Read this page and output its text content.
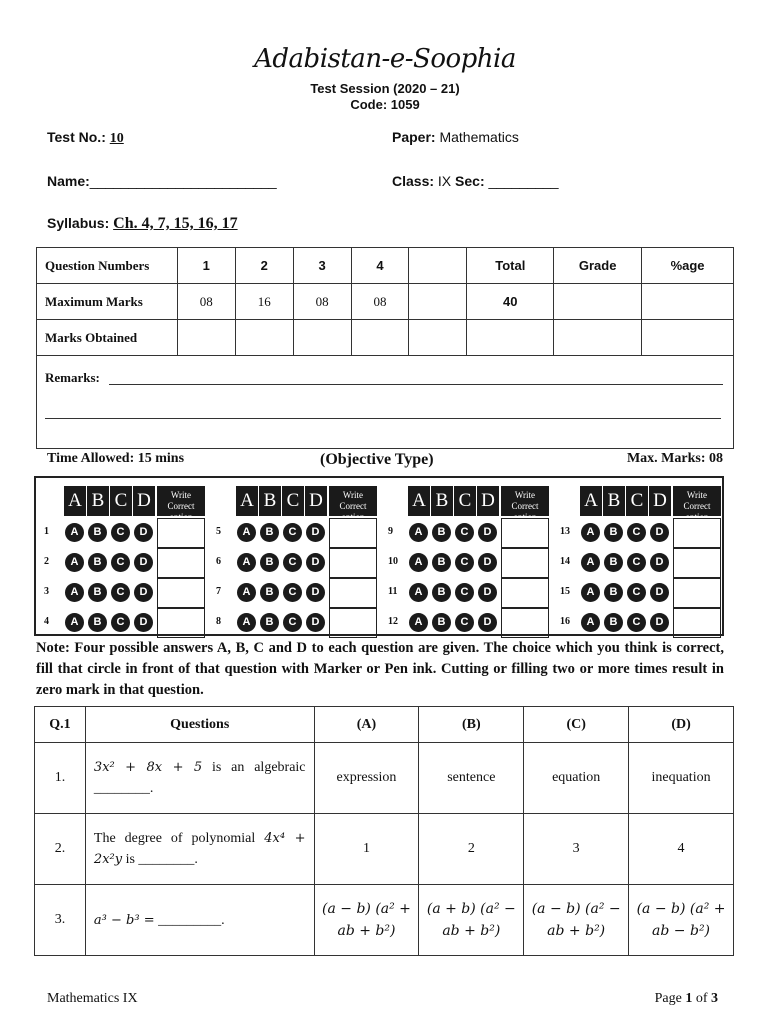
Adabistan-e-Soophia
Test Session (2020 – 21)
Code: 1059
Test No.: 10	Paper: Mathematics
Name:________________________	Class: IX Sec: _________
Syllabus: Ch. 4, 7, 15, 16, 17
Question Numbers	1	2	3	4		Total	Grade	%age
Maximum Marks	08	16	08	08		40		
Marks Obtained								

Remarks:								
Time Allowed: 15 mins	(Objective Type)	Max. Marks: 08
A B C D	Write Correct option
1	A	B	C	D
2	A	B	C	D
3	A	B	C	D
4	A	B	C	D
A B C D	Write Correct option
5	A	B	C	D
6	A	B	C	D
7	A	B	C	D
8	A	B	C	D
A B C D	Write Correct option
9	A	B	C	D
10	A	B	C	D
11	A	B	C	D
12	A	B	C	D
A B C D	Write Correct option
13	A	B	C	D
14	A	B	C	D
15	A	B	C	D
16	A	B	C	D
Note: Four possible answers A, B, C and D to each question are given. The choice which you think is correct, fill that circle in front of that question with Marker or Pen ink. Cutting or filling two or more times result in zero mark in that question.
Q.1	Questions	(A)	(B)	(C)	(D)
1.	3x² + 8x + 5 is an algebraic ________.	expression	sentence	equation	inequation
2.	The degree of polynomial 4x⁴ + 2x²y is ________.	1	2	3	4
3.	a³ − b³ = _________.	(a − b) (a² + ab + b²)	(a + b) (a² − ab + b²)	(a − b) (a² − ab + b²)	(a − b) (a² + ab − b²)
Mathematics IX	Page 1 of 3
